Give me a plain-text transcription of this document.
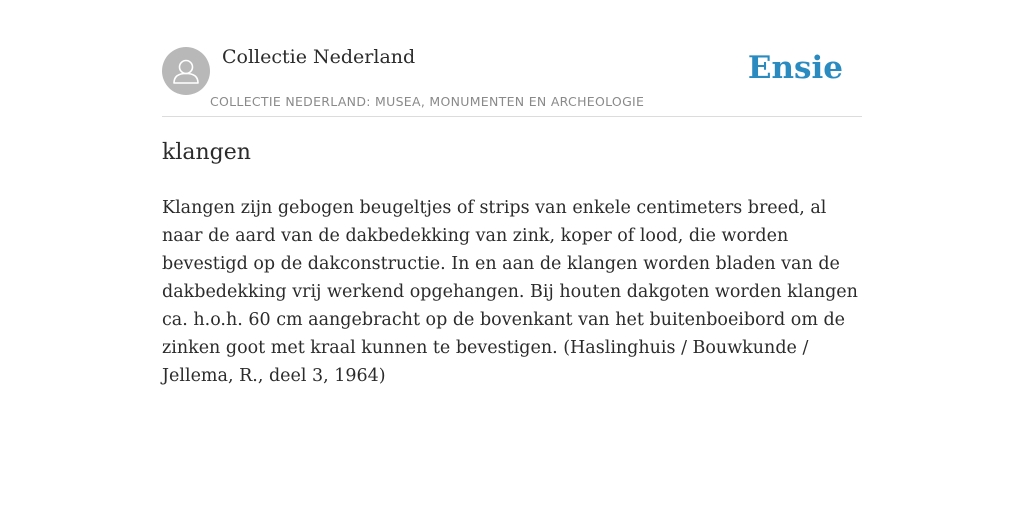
Collectie Nederland
COLLECTIE NEDERLAND: MUSEA, MONUMENTEN EN ARCHEOLOGIE
Ensie
klangen

Klangen zijn gebogen beugeltjes of strips van enkele centimeters breed, al naar de aard van de dakbedekking van zink, koper of lood, die worden bevestigd op de dakconstructie. In en aan de klangen worden bladen van de dakbedekking vrij werkend opgehangen. Bij houten dakgoten worden klangen ca. h.o.h. 60 cm aangebracht op de bovenkant van het buitenboeibord om de zinken goot met kraal kunnen te bevestigen. (Haslinghuis / Bouwkunde / Jellema, R., deel 3, 1964)
